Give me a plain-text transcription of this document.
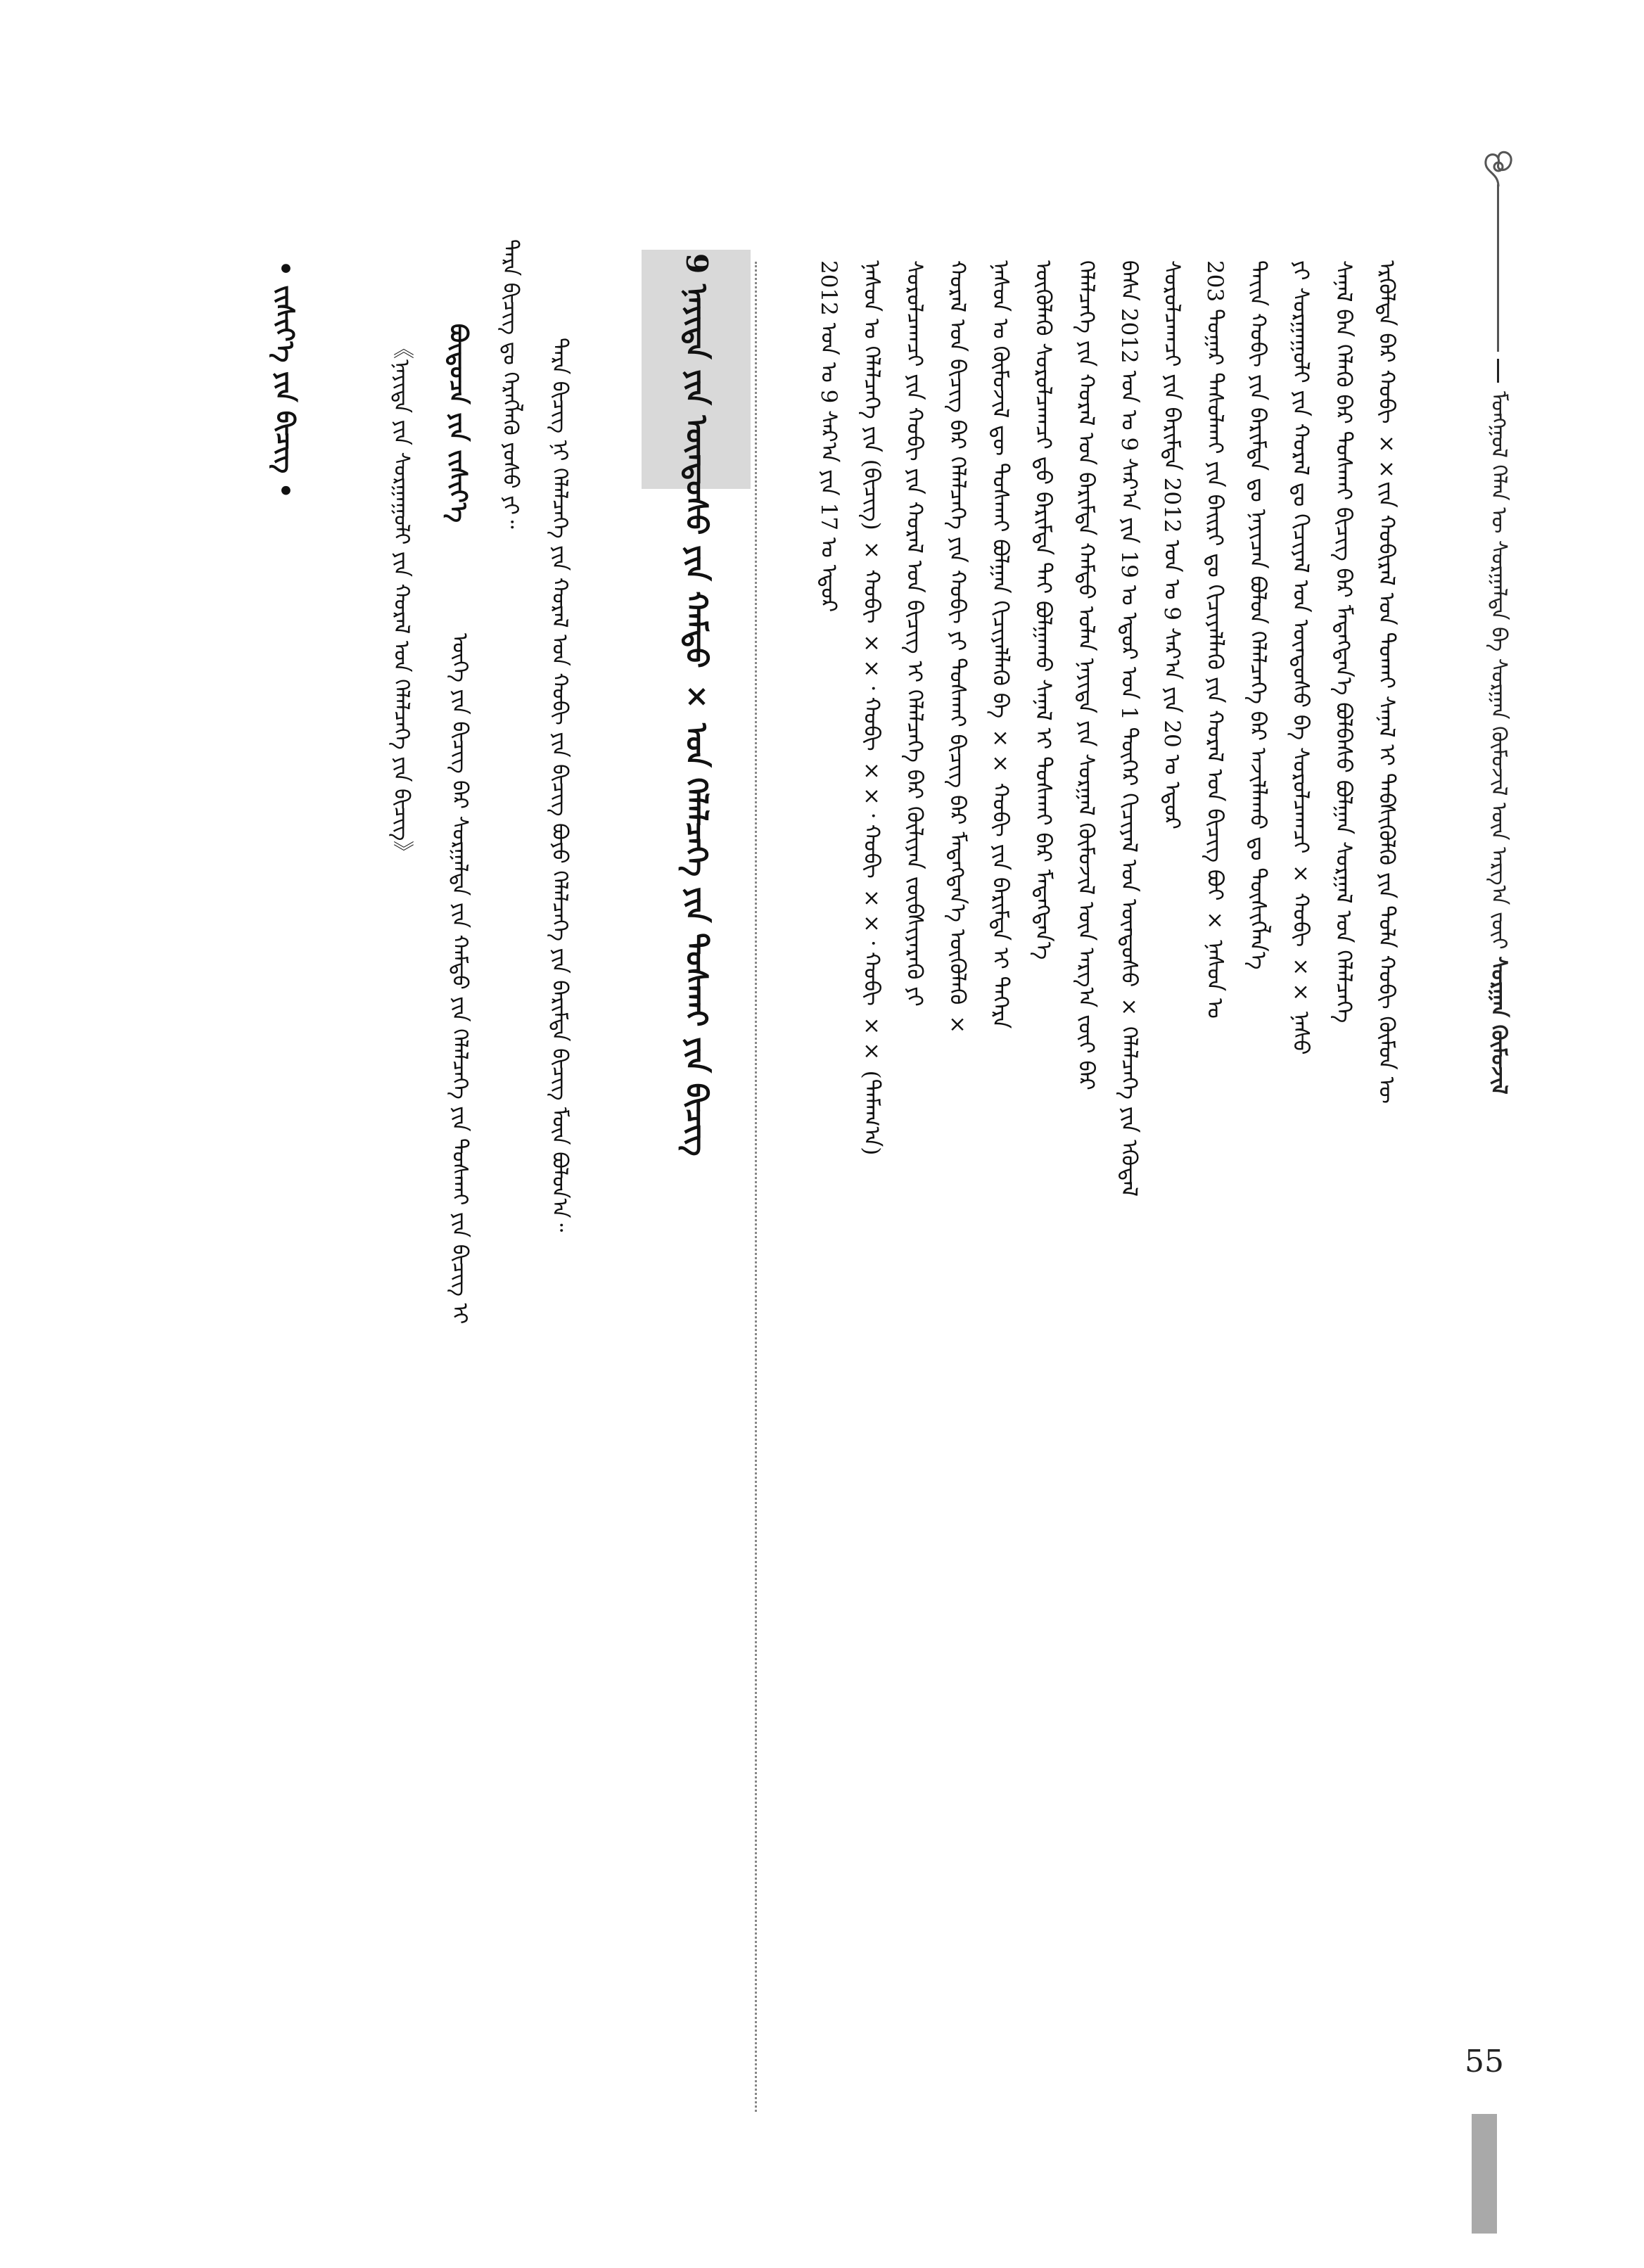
ᠮᠣᠩᠭᠣᠯ ᠬᠡᠯᠡᠨ ᠦ ᠰᠤᠷᠭᠠᠯᠲᠠ ᠪᠠ ᠰᠤᠷᠭᠠᠨ ᠬᠦᠮᠦᠵᠢᠯ ᠦᠨ ᠠᠷᠭ᠎ᠠ ᠵᠦᠢ ᠰᠤᠷᠭᠠᠨ ᠬᠦᠮᠦᠵᠢᠯ
55
ᠡᠷᠭᠦᠯᠳᠡ ᠪᠠᠷ ᠬᠤᠪᠢ ××᠎ᠶ᠋ᠢᠨ ᠬᠤᠪᠢᠷᠠᠯ ᠤᠨ ᠲᠤᠬᠠᠢ ᠰᠠᠨᠠᠯ ᠢ ᠳᠡᠪᠰᠢᠭᠦᠯᠬᠦ ᠶᠢᠨ ᠲᠤᠯᠠ ᠬᠤᠪᠢ ᠬᠦᠮᠦᠨ ᠦ
ᠰᠠᠨᠠᠯ ᠪᠠᠨ ᠬᠡᠯᠡᠬᠦ ᠪᠡᠷ ᠲᠤᠰᠬᠠᠢ ᠪᠢᠴᠢᠭ ᠪᠠᠷ ᠮᠡᠳᠡᠭᠳᠡᠨ᠎ᠡ ᠪᠣᠯᠪᠠᠰᠤ ᠪᠣᠯᠭᠠᠨ ᠰᠤᠷᠭᠠᠯ ᠤᠨ ᠬᠡᠯᠡᠯᠴᠡᠭᠡ
ᠶᠢ ᠰᠤᠷᠭᠠᠭᠤᠯᠢ ᠶᠢᠨ ᠬᠤᠷᠠᠯ ᠳᠤ ᠬᠢᠴᠢᠶᠡᠯ ᠤᠨ ᠦᠨᠳᠦᠰᠦ ᠪᠠ ᠰᠤᠷᠤᠯᠴᠠᠭᠴᠢ × ᠬᠤᠪᠢ ×× ᠨᠠᠰᠤ
ᠲᠡᠶ᠋ᠢᠨ ᠬᠤᠪᠢ ᠶᠢᠨ ᠪᠠᠷᠢᠮᠲᠠ ᠳᠤ ᠨᠡᠶᠢᠴᠡᠨ ᠪᠣᠯᠤᠨ ᠬᠡᠯᠡᠯᠴᠡᠭᠡ ᠪᠠᠷ ᠠᠵᠢᠯᠯᠠᠬᠤ ᠳᠤ ᠲᠦᠰᠢᠭᠯᠡᠨ᠎ᠡ
203 ᠳᠤᠭᠠᠷ ᠲᠠᠰᠤᠯᠬᠠᠢ ᠶᠢᠨ ᠪᠠᠢᠷᠢ ᠳᠤ ᠬᠢᠴᠢᠶᠡᠯᠯᠡᠬᠦ ᠶᠢᠨ ᠬᠤᠷᠠᠯ ᠤᠨ ᠪᠢᠴᠢᠭ ᠪᠤᠢ × ᠨᠠᠰᠤᠨ ᠤ
ᠰᠤᠷᠤᠯᠴᠠᠭᠴᠢ ᠶᠢᠨ ᠪᠠᠷᠢᠮᠲᠠ 2012 ᠣᠨ ᠤ 9 ᠰᠠᠷ᠎ᠠ ᠶᠢᠨ 20 ᠤ ᠡᠳᠦᠷ
ᠪᠠᠰᠠ 2012 ᠣᠨ ᠤ 9 ᠰᠠᠷ᠎ᠠ ᠶᠢᠨ 19 ᠤ ᠡᠳᠦᠷ ᠤᠨ 1 ᠳᠦᠭᠡᠷ ᠬᠢᠴᠢᠶᠡᠯ ᠤᠨ ᠦᠨᠳᠦᠰᠦ × ᠬᠡᠯᠡᠯᠴᠡᠭᠡ ᠶᠢᠨ ᠡᠭᠦᠳᠡᠯ
ᠬᠡᠯᠡᠯᠴᠡᠭᠡ ᠶᠢᠨ ᠬᠤᠷᠠᠯ ᠤᠨ ᠪᠠᠷᠢᠮᠲᠠ ᠬᠠᠮᠲᠤ ᠤᠯᠠᠨ ᠨᠡᠶᠢᠲᠡ ᠶᠢᠨ ᠰᠤᠷᠭᠠᠯ ᠬᠦᠮᠦᠵᠢᠯ ᠦᠨ ᠠᠷᠭ᠎ᠠ ᠵᠦᠢ ᠪᠠᠷ
ᠦᠭᠦᠯᠡᠬᠦ ᠰᠤᠷᠤᠯᠴᠠᠭᠴᠢ ᠳ᠋ᠤ ᠪᠠᠷᠢᠮᠲᠠ ᠲᠠᠢ ᠪᠣᠯᠭᠠᠬᠤ ᠰᠠᠨᠠᠯ ᠢ ᠲᠤᠰᠬᠠᠢ ᠪᠠᠷ ᠮᠡᠳᠡᠭᠳᠡᠨ᠎ᠡ
ᠨᠠᠰᠤᠨ ᠤ ᠬᠦᠮᠦᠵᠢᠯ ᠳᠦ ᠲᠤᠰᠬᠠᠢ ᠪᠣᠯᠭᠠᠨ ᠬᠢᠴᠢᠶᠡᠯᠯᠡᠬᠦ ᠪᠠ ×× ᠬᠤᠪᠢ ᠶᠢᠨ ᠪᠠᠷᠢᠮᠲᠠ ᠢ ᠳᠡᠭᠡᠷᠡ
ᠬᠤᠷᠠᠯ ᠤᠨ ᠪᠢᠴᠢᠭ ᠪᠠᠷ ᠬᠡᠯᠡᠯᠴᠡᠭᠡ ᠶᠢᠨ ᠬᠤᠪᠢ ᠶᠢ ᠲᠤᠰᠬᠠᠢ ᠪᠢᠴᠢᠭ ᠪᠠᠷ ᠮᠡᠳᠡᠭᠳᠡᠨ᠎ᠡ ᠦᠭᠦᠯᠡᠬᠦ ×
ᠰᠤᠷᠤᠯᠴᠠᠭᠴᠢ ᠶᠢᠨ ᠬᠤᠪᠢ ᠶᠢᠨ ᠬᠤᠷᠠᠯ ᠤᠨ ᠪᠢᠴᠢᠭ ᠢ ᠬᠡᠯᠡᠯᠴᠡᠭᠡ ᠪᠠᠷ ᠬᠦᠯᠢᠶᠡᠨ ᠵᠥᠪᠰᠢᠶᠡᠷᠡᠬᠦ ᠶᠢ
ᠨᠠᠰᠤᠨ ᠤ ᠬᠡᠯᠡᠯᠴᠡᠭᠡ ᠶᠢᠨ (ᠪᠢᠴᠢᠭ) × ᠬᠤᠪᠢ ××᠂ ᠬᠤᠪᠢ ××᠂ ᠬᠤᠪᠢ ××᠂ ᠬᠤᠪᠢ ×× (ᠲᠠᠮᠠᠭ᠎ᠠ)
2012 ᠣᠨ ᠤ 9 ᠰᠠᠷ᠎ᠠ ᠶᠢᠨ 17 ᠤ ᠡᠳᠦᠷ
9 ᠨᠡᠶᠢᠲᠡ ᠶᠢᠨ ᠦᠨᠳᠦᠰᠦ ᠶᠢᠨ ᠬᠠᠮᠲᠤ × ᠤᠨ ᠬᠡᠯᠡᠯᠴᠡᠭᠡ ᠶᠢᠨ ᠲᠤᠰᠬᠠᠢ ᠶᠢᠨ ᠪᠢᠴᠢᠭ
ᠲᠡᠷᠡ ᠪᠢᠴᠢᠭ ᠨᠢ ᠬᠡᠯᠡᠯᠴᠡᠭᠡ ᠶᠢᠨ ᠬᠤᠷᠠᠯ ᠤᠨ ᠬᠤᠪᠢ ᠶᠢᠨ ᠪᠢᠴᠢᠭ ᠪᠤᠶᠤ ᠬᠡᠯᠡᠯᠴᠡᠭᠡ ᠶᠢᠨ ᠪᠠᠷᠢᠮᠲᠠ ᠪᠢᠴᠢᠭ ᠮᠥᠨ ᠪᠣᠯᠤᠨ᠎ᠠ᠃
ᠲᠡᠷᠡ ᠪᠢᠴᠢᠭ ᠳᠤ ᠬᠡᠷᠡᠭᠯᠡᠬᠦ ᠶᠣᠰᠣ ᠶᠢ᠃
ᠪᠦᠲᠦᠴᠡ ᠶᠢᠨ ᠵᠢᠱᠢᠶ᠎ᠡ
ᠦᠭᠡ ᠶᠢᠨ ᠪᠢᠴᠢᠭ ᠪᠠᠷ ᠰᠤᠷᠭᠠᠯᠲᠠ ᠶᠢᠨ ᠬᠠᠮᠲᠤ ᠶᠢᠨ ᠬᠡᠯᠡᠯᠴᠡᠭᠡ ᠶᠢᠨ ᠲᠤᠰᠬᠠᠢ ᠶᠢᠨ ᠪᠢᠴᠢᠭ ᠢ
《ᠨᠡᠶᠢᠲᠡ ᠶᠢᠨ ᠰᠤᠷᠭᠠᠭᠤᠯᠢ ᠶᠢᠨ ᠬᠤᠷᠠᠯ ᠤᠨ ᠬᠡᠯᠡᠯᠴᠡᠭᠡ ᠶᠢᠨ ᠪᠢᠴᠢᠭ》
• ᠵᠢᠱᠢᠶ᠎ᠡ ᠶᠢᠨ ᠪᠢᠴᠢᠭ •
